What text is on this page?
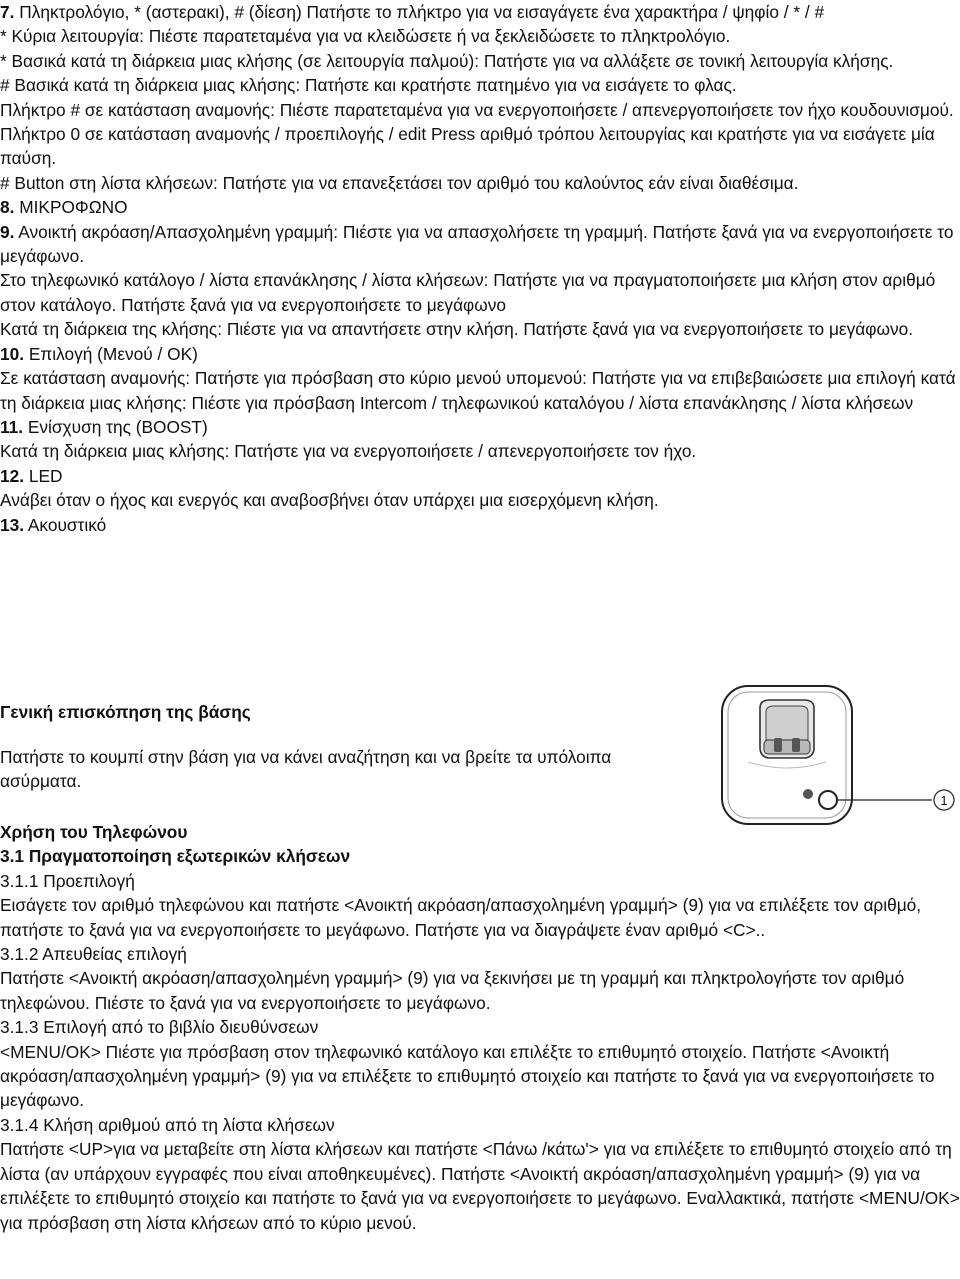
7. Πληκτρολόγιο, * (αστερακι), # (δίεση) Πατήστε το πλήκτρο για να εισαγάγετε ένα χαρακτήρα / ψηφίο / * / #

* Κύρια λειτουργία: Πιέστε παρατεταμένα για να κλειδώσετε ή να ξεκλειδώσετε το πληκτρολόγιο.

* Βασικά κατά τη διάρκεια μιας κλήσης (σε λειτουργία παλμού): Πατήστε για να αλλάξετε σε τονική λειτουργία κλήσης.

# Βασικά κατά τη διάρκεια μιας κλήσης: Πατήστε και κρατήστε πατημένο για να εισάγετε το φλας.

Πλήκτρο # σε κατάσταση αναμονής: Πιέστε παρατεταμένα για να ενεργοποιήσετε / απενεργοποιήσετε τον ήχο κουδουνισμού.

Πλήκτρο 0 σε κατάσταση αναμονής / προεπιλογής / edit Press αριθμό τρόπου λειτουργίας και κρατήστε για να εισάγετε μία παύση.

# Button στη λίστα κλήσεων: Πατήστε για να επανεξετάσει τον αριθμό του καλούντος εάν είναι διαθέσιμα.

8. ΜΙΚΡΟΦΩΝΟ

9. Ανοικτή ακρόαση/Απασχολημένη γραμμή: Πιέστε για να απασχολήσετε τη γραμμή. Πατήστε ξανά για να ενεργοποιήσετε το μεγάφωνο.

Στο τηλεφωνικό κατάλογο / λίστα επανάκλησης / λίστα κλήσεων: Πατήστε για να πραγματοποιήσετε μια κλήση στον αριθμό στον κατάλογο. Πατήστε ξανά για να ενεργοποιήσετε το μεγάφωνο

Κατά τη διάρκεια της κλήσης: Πιέστε για να απαντήσετε στην κλήση. Πατήστε ξανά για να ενεργοποιήσετε το μεγάφωνο.

10. Επιλογή (Μενού / OK)

Σε κατάσταση αναμονής: Πατήστε για πρόσβαση στο κύριο μενού υπομενού: Πατήστε για να επιβεβαιώσετε μια επιλογή κατά τη διάρκεια μιας κλήσης: Πιέστε για πρόσβαση Intercom / τηλεφωνικού καταλόγου / λίστα επανάκλησης / λίστα κλήσεων

11. Ενίσχυση της (BOOST)

Κατά τη διάρκεια μιας κλήσης: Πατήστε για να ενεργοποιήσετε / απενεργοποιήσετε τον ήχο.

12. LED

Ανάβει όταν ο ήχος και ενεργός και αναβοσβήνει όταν υπάρχει μια εισερχόμενη κλήση.

13. Ακουστικό

Γενική επισκόπηση της βάσης

Πατήστε το κουμπί στην βάση για να κάνει αναζήτηση και να βρείτε τα υπόλοιπα ασύρματα.

1

Χρήση του Τηλεφώνου

3.1 Πραγματοποίηση εξωτερικών κλήσεων

3.1.1 Προεπιλογή

Εισάγετε τον αριθμό τηλεφώνου και πατήστε <Ανοικτή ακρόαση/απασχολημένη γραμμή> (9) για να επιλέξετε τον αριθμό, πατήστε το ξανά για να ενεργοποιήσετε το μεγάφωνο. Πατήστε για να διαγράψετε έναν αριθμό <C>..

3.1.2 Απευθείας επιλογή

Πατήστε <Ανοικτή ακρόαση/απασχολημένη γραμμή> (9) για να ξεκινήσει με τη γραμμή και πληκτρολογήστε τον αριθμό τηλεφώνου. Πιέστε το ξανά για να ενεργοποιήσετε το μεγάφωνο.

3.1.3 Επιλογή από το βιβλίο διευθύνσεων

<MENU/OK> Πιέστε για πρόσβαση στον τηλεφωνικό κατάλογο και επιλέξτε το επιθυμητό στοιχείο. Πατήστε <Ανοικτή ακρόαση/απασχολημένη γραμμή> (9) για να επιλέξετε το επιθυμητό στοιχείο και πατήστε το ξανά για να ενεργοποιήσετε το μεγάφωνο.

3.1.4 Κλήση αριθμού από τη λίστα κλήσεων

Πατήστε <UP>για να μεταβείτε στη λίστα κλήσεων και πατήστε <Πάνω /κάτω'> για να επιλέξετε το επιθυμητό στοιχείο από τη λίστα (αν υπάρχουν εγγραφές που είναι αποθηκευμένες). Πατήστε <Ανοικτή ακρόαση/απασχολημένη γραμμή> (9) για να επιλέξετε το επιθυμητό στοιχείο και πατήστε το ξανά για να ενεργοποιήσετε το μεγάφωνο. Εναλλακτικά, πατήστε <MENU/OK> για πρόσβαση στη λίστα κλήσεων από το κύριο μενού.
